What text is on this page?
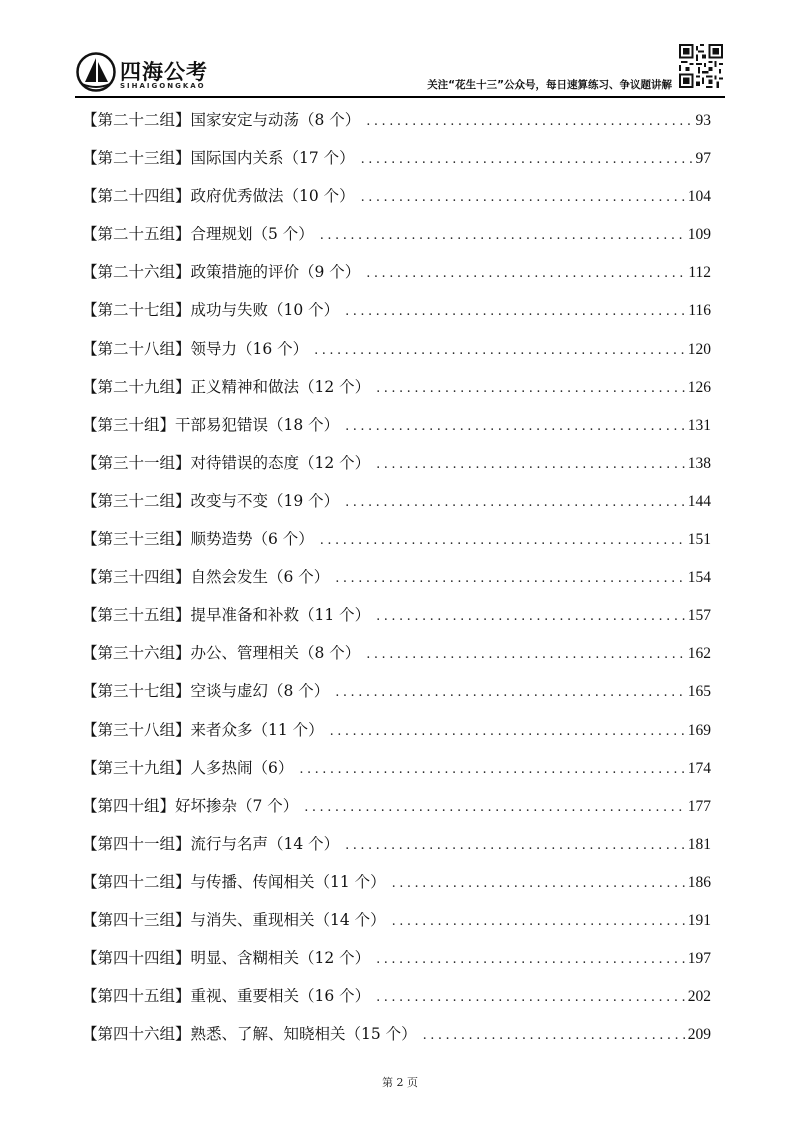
四海公考
SIHAIGONGKAO	关注“花生十三”公众号，每日速算练习、争议题讲解
【第二十二组】国家安定与动荡（8 个） .....	93
【第二十三组】国际国内关系（17 个） .....	97
【第二十四组】政府优秀做法（10 个） .....	104
【第二十五组】合理规划（5 个） .....	109
【第二十六组】政策措施的评价（9 个） .....	112
【第二十七组】成功与失败（10 个） .....	116
【第二十八组】领导力（16 个） .....	120
【第二十九组】正义精神和做法（12 个） .....	126
【第三十组】干部易犯错误（18 个） .....	131
【第三十一组】对待错误的态度（12 个） .....	138
【第三十二组】改变与不变（19 个） .....	144
【第三十三组】顺势造势（6 个） .....	151
【第三十四组】自然会发生（6 个） .....	154
【第三十五组】提早准备和补救（11 个） .....	157
【第三十六组】办公、管理相关（8 个） .....	162
【第三十七组】空谈与虚幻（8 个） .....	165
【第三十八组】来者众多（11 个） .....	169
【第三十九组】人多热闹（6） .....	174
【第四十组】好坏掺杂（7 个） .....	177
【第四十一组】流行与名声（14 个） .....	181
【第四十二组】与传播、传闻相关（11 个） .....	186
【第四十三组】与消失、重现相关（14 个） .....	191
【第四十四组】明显、含糊相关（12 个） .....	197
【第四十五组】重视、重要相关（16 个） .....	202
【第四十六组】熟悉、了解、知晓相关（15 个） .....	209
第 2 页
